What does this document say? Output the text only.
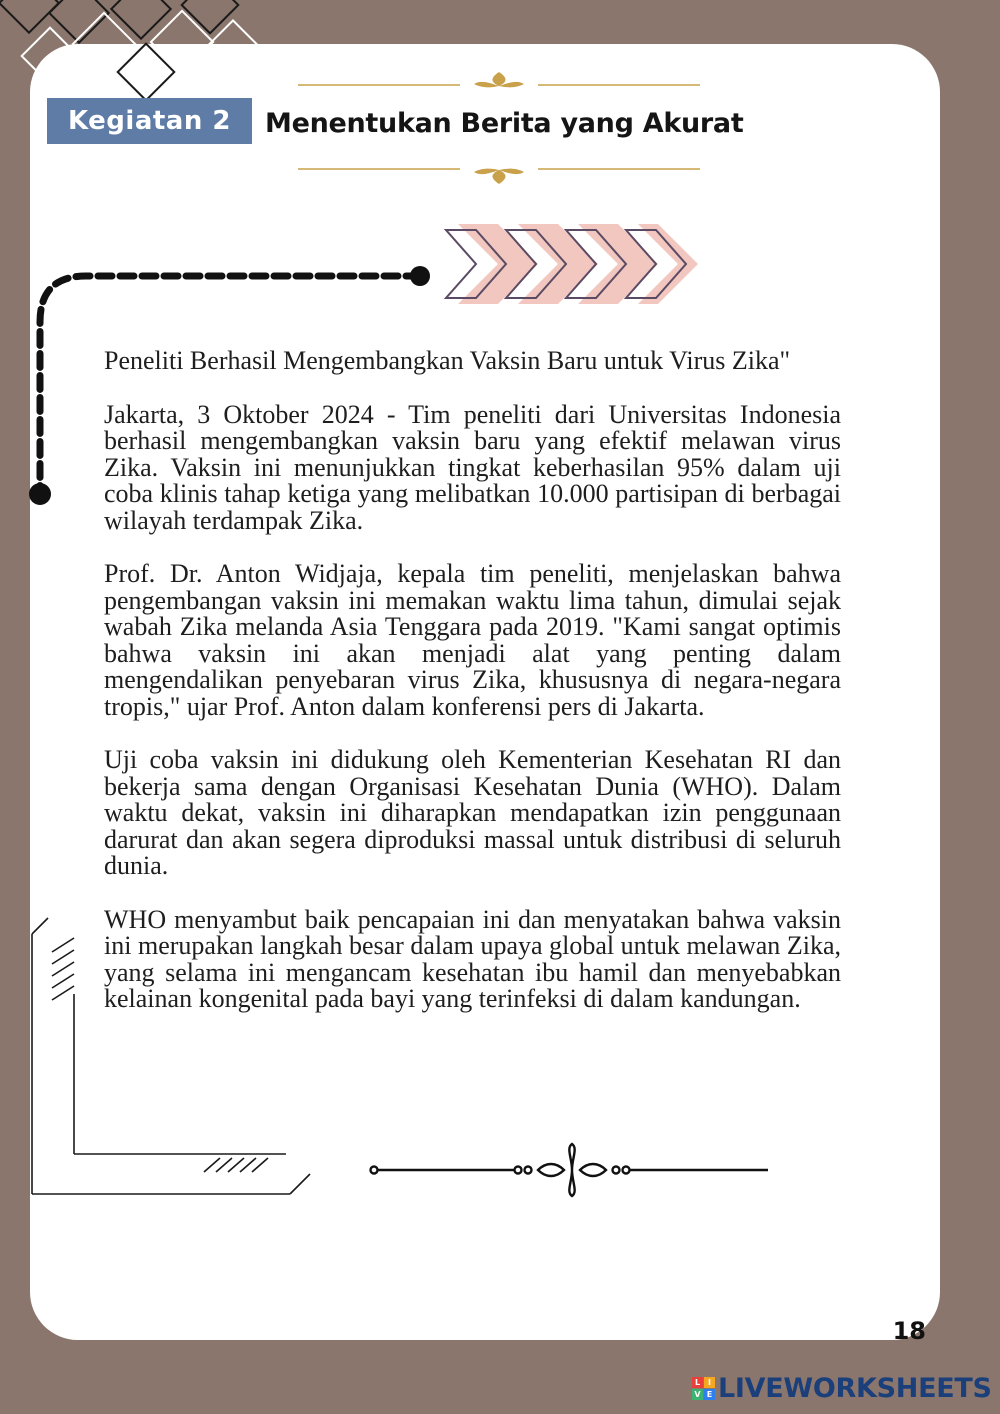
Kegiatan 2	Menentukan Berita yang Akurat

Peneliti Berhasil Mengembangkan Vaksin Baru untuk Virus Zika"

Jakarta, 3 Oktober 2024 - Tim peneliti dari Universitas Indonesia berhasil mengembangkan vaksin baru yang efektif melawan virus Zika. Vaksin ini menunjukkan tingkat keberhasilan 95% dalam uji coba klinis tahap ketiga yang melibatkan 10.000 partisipan di berbagai wilayah terdampak Zika.

Prof. Dr. Anton Widjaja, kepala tim peneliti, menjelaskan bahwa pengembangan vaksin ini memakan waktu lima tahun, dimulai sejak wabah Zika melanda Asia Tenggara pada 2019. "Kami sangat optimis bahwa vaksin ini akan menjadi alat yang penting dalam mengendalikan penyebaran virus Zika, khususnya di negara-negara tropis," ujar Prof. Anton dalam konferensi pers di Jakarta.

Uji coba vaksin ini didukung oleh Kementerian Kesehatan RI dan bekerja sama dengan Organisasi Kesehatan Dunia (WHO). Dalam waktu dekat, vaksin ini diharapkan mendapatkan izin penggunaan darurat dan akan segera diproduksi massal untuk distribusi di seluruh dunia.

WHO menyambut baik pencapaian ini dan menyatakan bahwa vaksin ini merupakan langkah besar dalam upaya global untuk melawan Zika, yang selama ini mengancam kesehatan ibu hamil dan menyebabkan kelainan kongenital pada bayi yang terinfeksi di dalam kandungan.

18
L I
V E LIVEWORKSHEETS
